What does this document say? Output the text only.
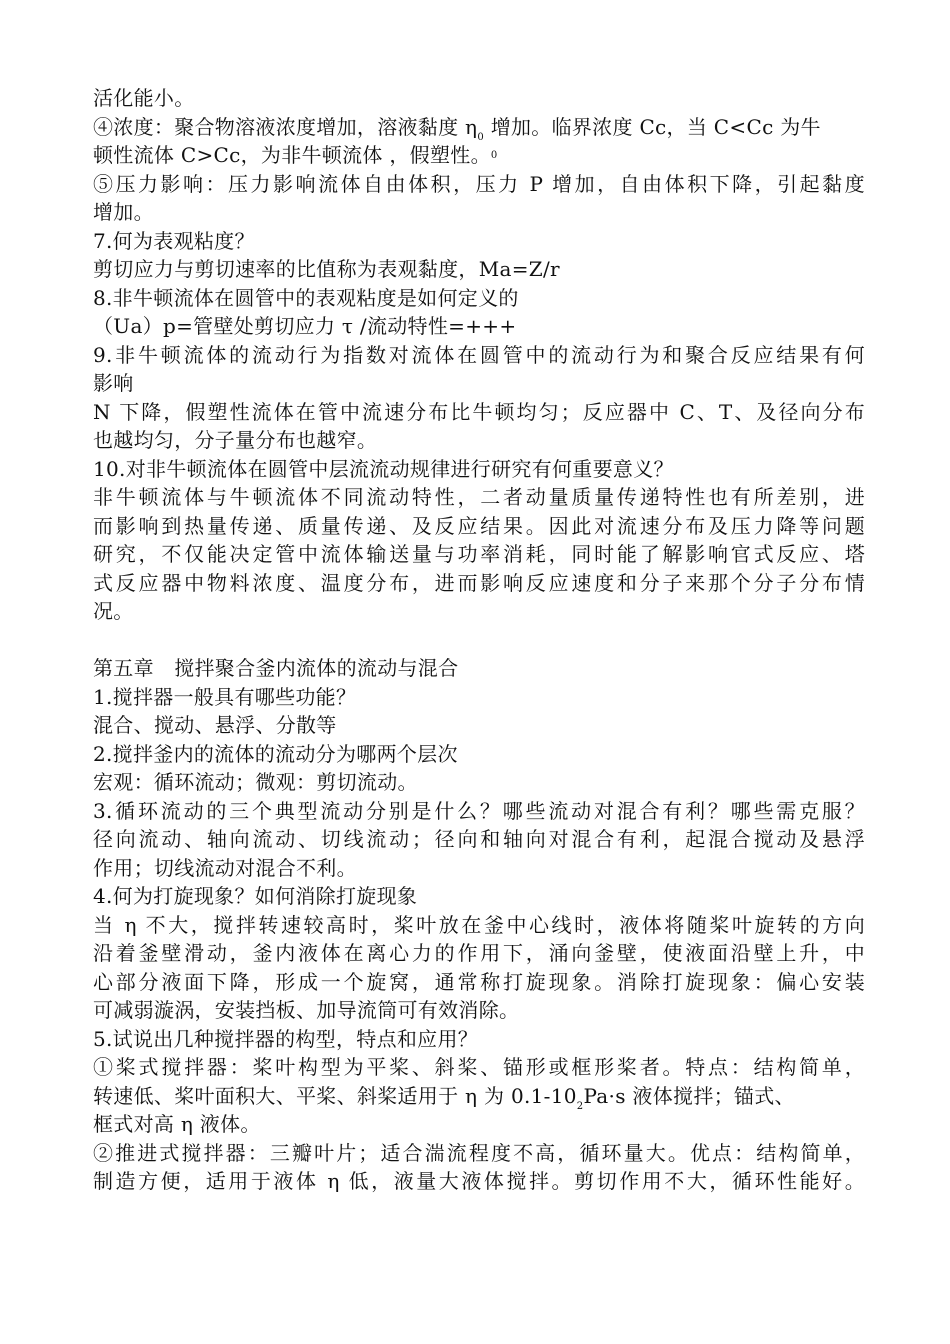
活化能小。
④浓度：聚合物溶液浓度增加，溶液黏度 $\eta_0$ 增加。临界浓度 Cc，当 C<Cc 为牛
顿性流体 C>Cc，为非牛顿流体 ，假塑性。$^0$
⑤压力影响：压力影响流体自由体积，压力 P 增加，自由体积下降，引起黏度
增加。
7.何为表观粘度？
剪切应力与剪切速率的比值称为表观黏度，Ma=Z/r
8.非牛顿流体在圆管中的表观粘度是如何定义的
（Ua）p=管壁处剪切应力 τ /流动特性=+++
9.非牛顿流体的流动行为指数对流体在圆管中的流动行为和聚合反应结果有何
影响
N 下降，假塑性流体在管中流速分布比牛顿均匀；反应器中 C、T、及径向分布
也越均匀，分子量分布也越窄。
10.对非牛顿流体在圆管中层流流动规律进行研究有何重要意义？
非牛顿流体与牛顿流体不同流动特性，二者动量质量传递特性也有所差别，进
而影响到热量传递、质量传递、及反应结果。因此对流速分布及压力降等问题
研究，不仅能决定管中流体输送量与功率消耗，同时能了解影响官式反应、塔
式反应器中物料浓度、温度分布，进而影响反应速度和分子来那个分子分布情
况。
第五章　搅拌聚合釜内流体的流动与混合
1.搅拌器一般具有哪些功能？
混合、搅动、悬浮、分散等
2.搅拌釜内的流体的流动分为哪两个层次
宏观：循环流动；微观：剪切流动。
3.循环流动的三个典型流动分别是什么？哪些流动对混合有利？哪些需克服？
径向流动、轴向流动、切线流动；径向和轴向对混合有利，起混合搅动及悬浮
作用；切线流动对混合不利。
4.何为打旋现象？如何消除打旋现象
当 η 不大，搅拌转速较高时，桨叶放在釜中心线时，液体将随桨叶旋转的方向
沿着釜壁滑动，釜内液体在离心力的作用下，涌向釜壁，使液面沿壁上升，中
心部分液面下降，形成一个旋窝，通常称打旋现象。消除打旋现象：偏心安装
可减弱漩涡，安装挡板、加导流筒可有效消除。
5.试说出几种搅拌器的构型，特点和应用？
①桨式搅拌器：桨叶构型为平桨、斜桨、锚形或框形桨者。特点：结构简单，
转速低、桨叶面积大、平桨、斜桨适用于 η 为 $0.1-10_2Pa\cdot s$ 液体搅拌；锚式、
框式对高 η 液体。
②推进式搅拌器：三瓣叶片；适合湍流程度不高，循环量大。优点：结构简单，
制造方便，适用于液体 η 低，液量大液体搅拌。剪切作用不大，循环性能好。
